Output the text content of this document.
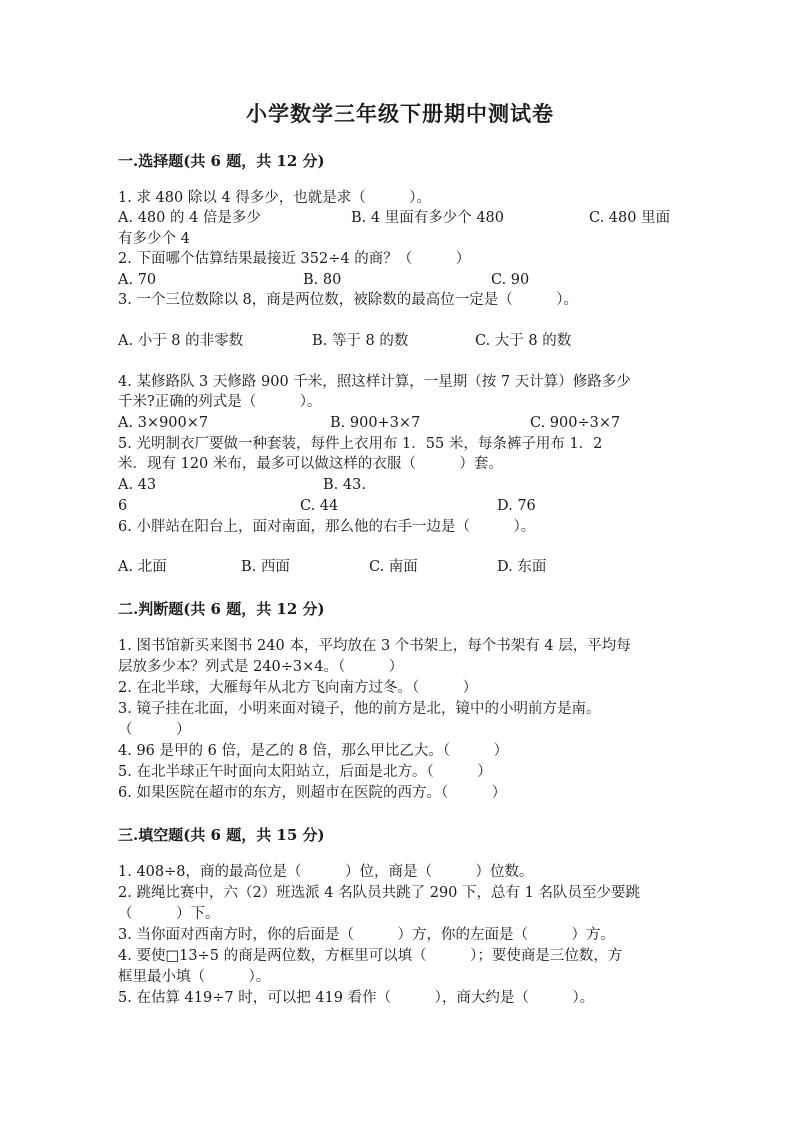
小学数学三年级下册期中测试卷
一.选择题(共 6 题，共 12 分)
1. 求 480 除以 4 得多少，也就是求（　　　）。
A. 480 的 4 倍是多少	B. 4 里面有多少个 480	C. 480 里面
有多少个 4
2. 下面哪个估算结果最接近 352÷4 的商？（　　　）
A. 70	B. 80	C. 90
3. 一个三位数除以 8，商是两位数，被除数的最高位一定是（　　　）。
A. 小于 8 的非零数	B. 等于 8 的数	C. 大于 8 的数
4. 某修路队 3 天修路 900 千米，照这样计算，一星期（按 7 天计算）修路多少
千米?正确的列式是（　　　）。
A. 3×900×7	B. 900+3×7	C. 900÷3×7
5. 光明制衣厂要做一种套装，每件上衣用布 1．55 米，每条裤子用布 1．2
米．现有 120 米布，最多可以做这样的衣服（　　　）套。
A. 43	B. 43.
6	C. 44	D. 76
6. 小胖站在阳台上，面对南面，那么他的右手一边是（　　　）。
A. 北面	B. 西面	C. 南面	D. 东面
二.判断题(共 6 题，共 12 分)
1. 图书馆新买来图书 240 本，平均放在 3 个书架上，每个书架有 4 层，平均每
层放多少本？列式是 240÷3×4。（　　　）
2. 在北半球，大雁每年从北方飞向南方过冬。（　　　）
3. 镜子挂在北面，小明来面对镜子，他的前方是北，镜中的小明前方是南。
（　　　）
4. 96 是甲的 6 倍，是乙的 8 倍，那么甲比乙大。（　　　）
5. 在北半球正午时面向太阳站立，后面是北方。（　　　）
6. 如果医院在超市的东方，则超市在医院的西方。（　　　）
三.填空题(共 6 题，共 15 分)
1. 408÷8，商的最高位是（　　　）位，商是（　　　）位数。
2. 跳绳比赛中，六（2）班选派 4 名队员共跳了 290 下，总有 1 名队员至少要跳
（　　　）下。
3. 当你面对西南方时，你的后面是（　　　）方，你的左面是（　　　）方。
4. 要使□13÷5 的商是两位数，方框里可以填（　　　）；要使商是三位数，方
框里最小填（　　　）。
5. 在估算 419÷7 时，可以把 419 看作（　　　），商大约是（　　　）。
